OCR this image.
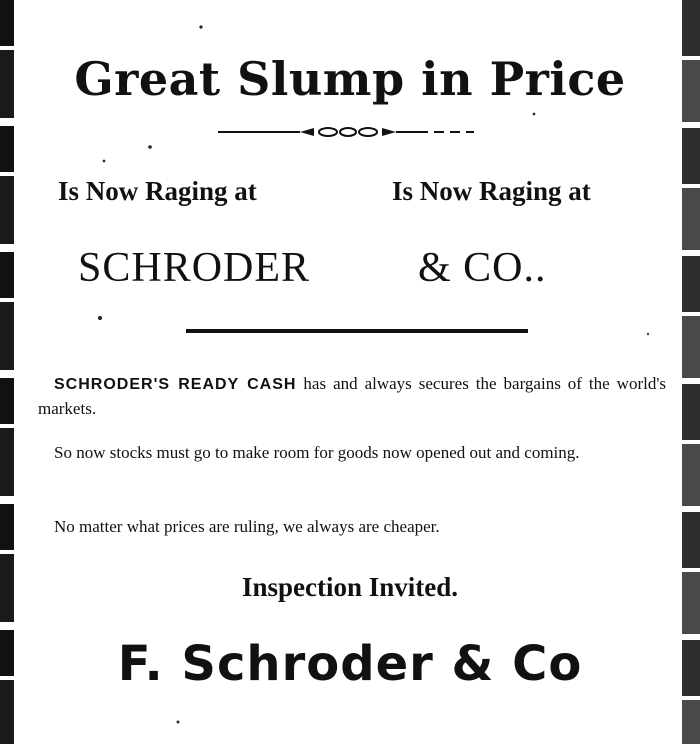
Great Slump in Price

Is Now Raging at	Is Now Raging at

SCHRODER	& CO..

SCHRODER'S READY CASH has and always secures the bargains of the world's markets.

So now stocks must go to make room for goods now opened out and coming.

No matter what prices are ruling, we always are cheaper.

Inspection Invited.

F. Schroder & Co
